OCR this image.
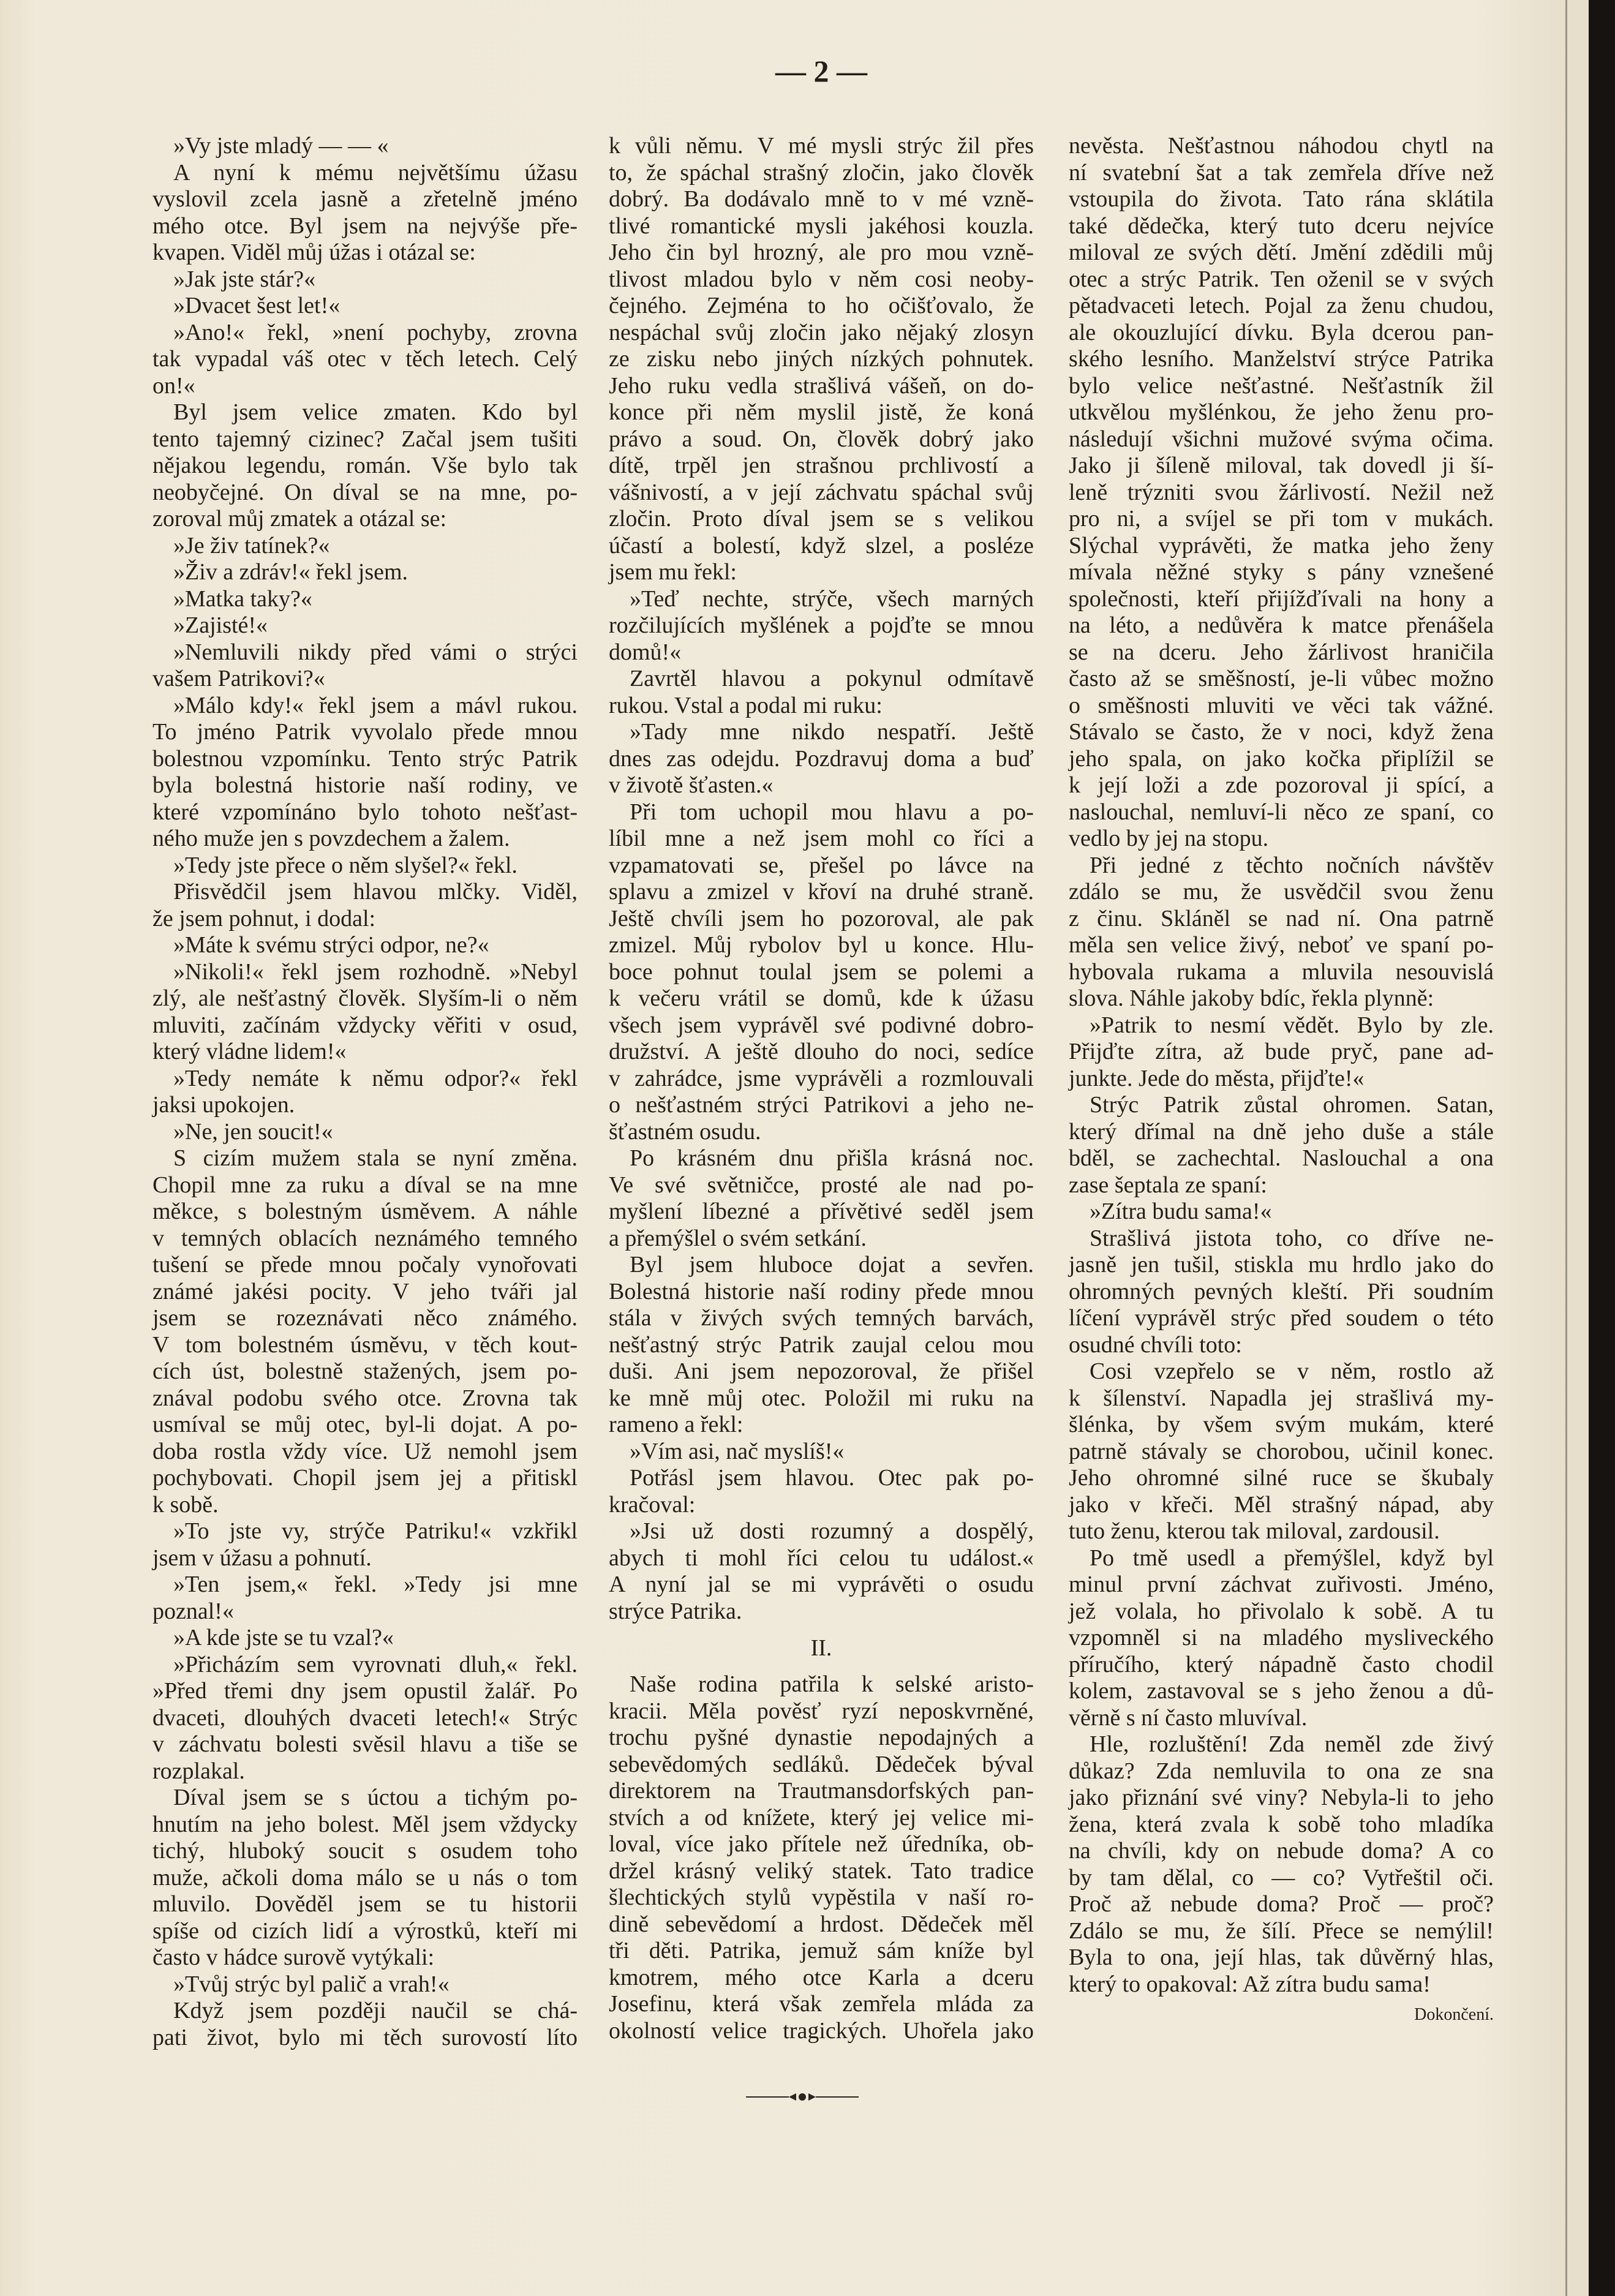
— 2 —
»Vy jste mladý — — «
A nyní k mému největšímu úžasu
vyslovil zcela jasně a zřetelně jméno
mého otce. Byl jsem na nejvýše pře-
kvapen. Viděl můj úžas i otázal se:
»Jak jste stár?«
»Dvacet šest let!«
»Ano!« řekl, »není pochyby, zrovna
tak vypadal váš otec v těch letech. Celý
on!«
Byl jsem velice zmaten. Kdo byl
tento tajemný cizinec? Začal jsem tušiti
nějakou legendu, román. Vše bylo tak
neobyčejné. On díval se na mne, po-
zoroval můj zmatek a otázal se:
»Je živ tatínek?«
»Živ a zdráv!« řekl jsem.
»Matka taky?«
»Zajisté!«
»Nemluvili nikdy před vámi o strýci
vašem Patrikovi?«
»Málo kdy!« řekl jsem a mávl rukou.
To jméno Patrik vyvolalo přede mnou
bolestnou vzpomínku. Tento strýc Patrik
byla bolestná historie naší rodiny, ve
které vzpomínáno bylo tohoto nešťast-
ného muže jen s povzdechem a žalem.
»Tedy jste přece o něm slyšel?« řekl.
Přisvědčil jsem hlavou mlčky. Viděl,
že jsem pohnut, i dodal:
»Máte k svému strýci odpor, ne?«
»Nikoli!« řekl jsem rozhodně. »Nebyl
zlý, ale nešťastný člověk. Slyším-li o něm
mluviti, začínám vždycky věřiti v osud,
který vládne lidem!«
»Tedy nemáte k němu odpor?« řekl
jaksi upokojen.
»Ne, jen soucit!«
S cizím mužem stala se nyní změna.
Chopil mne za ruku a díval se na mne
měkce, s bolestným úsměvem. A náhle
v temných oblacích neznámého temného
tušení se přede mnou počaly vynořovati
známé jakési pocity. V jeho tváři jal
jsem se rozeznávati něco známého.
V tom bolestném úsměvu, v těch kout-
cích úst, bolestně stažených, jsem po-
znával podobu svého otce. Zrovna tak
usmíval se můj otec, byl-li dojat. A po-
doba rostla vždy více. Už nemohl jsem
pochybovati. Chopil jsem jej a přitiskl
k sobě.
»To jste vy, strýče Patriku!« vzkřikl
jsem v úžasu a pohnutí.
»Ten jsem,« řekl. »Tedy jsi mne
poznal!«
»A kde jste se tu vzal?«
»Přicházím sem vyrovnati dluh,« řekl.
»Před třemi dny jsem opustil žalář. Po
dvaceti, dlouhých dvaceti letech!« Strýc
v záchvatu bolesti svěsil hlavu a tiše se
rozplakal.
Díval jsem se s úctou a tichým po-
hnutím na jeho bolest. Měl jsem vždycky
tichý, hluboký soucit s osudem toho
muže, ačkoli doma málo se u nás o tom
mluvilo. Dověděl jsem se tu historii
spíše od cizích lidí a výrostků, kteří mi
často v hádce surově vytýkali:
»Tvůj strýc byl palič a vrah!«
Když jsem později naučil se chá-
pati život, bylo mi těch surovostí líto
k vůli němu. V mé mysli strýc žil přes
to, že spáchal strašný zločin, jako člověk
dobrý. Ba dodávalo mně to v mé vzně-
tlivé romantické mysli jakéhosi kouzla.
Jeho čin byl hrozný, ale pro mou vzně-
tlivost mladou bylo v něm cosi neoby-
čejného. Zejména to ho očišťovalo, že
nespáchal svůj zločin jako nějaký zlosyn
ze zisku nebo jiných nízkých pohnutek.
Jeho ruku vedla strašlivá vášeň, on do-
konce při něm myslil jistě, že koná
právo a soud. On, člověk dobrý jako
dítě, trpěl jen strašnou prchlivostí a
vášnivostí, a v její záchvatu spáchal svůj
zločin. Proto díval jsem se s velikou
účastí a bolestí, když slzel, a posléze
jsem mu řekl:
»Teď nechte, strýče, všech marných
rozčilujících myšlének a pojďte se mnou
domů!«
Zavrtěl hlavou a pokynul odmítavě
rukou. Vstal a podal mi ruku:
»Tady mne nikdo nespatří. Ještě
dnes zas odejdu. Pozdravuj doma a buď
v životě šťasten.«
Při tom uchopil mou hlavu a po-
líbil mne a než jsem mohl co říci a
vzpamatovati se, přešel po lávce na
splavu a zmizel v křoví na druhé straně.
Ještě chvíli jsem ho pozoroval, ale pak
zmizel. Můj rybolov byl u konce. Hlu-
boce pohnut toulal jsem se polemi a
k večeru vrátil se domů, kde k úžasu
všech jsem vyprávěl své podivné dobro-
družství. A ještě dlouho do noci, sedíce
v zahrádce, jsme vyprávěli a rozmlouvali
o nešťastném strýci Patrikovi a jeho ne-
šťastném osudu.
Po krásném dnu přišla krásná noc.
Ve své světničce, prosté ale nad po-
myšlení líbezné a přívětivé seděl jsem
a přemýšlel o svém setkání.
Byl jsem hluboce dojat a sevřen.
Bolestná historie naší rodiny přede mnou
stála v živých svých temných barvách,
nešťastný strýc Patrik zaujal celou mou
duši. Ani jsem nepozoroval, že přišel
ke mně můj otec. Položil mi ruku na
rameno a řekl:
»Vím asi, nač myslíš!«
Potřásl jsem hlavou. Otec pak po-
kračoval:
»Jsi už dosti rozumný a dospělý,
abych ti mohl říci celou tu událost.«
A nyní jal se mi vyprávěti o osudu
strýce Patrika.
II.
Naše rodina patřila k selské aristo-
kracii. Měla pověsť ryzí neposkvrněné,
trochu pyšné dynastie nepodajných a
sebevědomých sedláků. Dědeček býval
direktorem na Trautmansdorfských pan-
stvích a od knížete, který jej velice mi-
loval, více jako přítele než úředníka, ob-
držel krásný veliký statek. Tato tradice
šlechtických stylů vypěstila v naší ro-
dině sebevědomí a hrdost. Dědeček měl
tři děti. Patrika, jemuž sám kníže byl
kmotrem, mého otce Karla a dceru
Josefinu, která však zemřela mláda za
okolností velice tragických. Uhořela jako
nevěsta. Nešťastnou náhodou chytl na
ní svatební šat a tak zemřela dříve než
vstoupila do života. Tato rána sklátila
také dědečka, který tuto dceru nejvíce
miloval ze svých dětí. Jmění zdědili můj
otec a strýc Patrik. Ten oženil se v svých
pětadvaceti letech. Pojal za ženu chudou,
ale okouzlující dívku. Byla dcerou pan-
ského lesního. Manželství strýce Patrika
bylo velice nešťastné. Nešťastník žil
utkvělou myšlénkou, že jeho ženu pro-
následují všichni mužové svýma očima.
Jako ji šíleně miloval, tak dovedl ji ší-
leně trýzniti svou žárlivostí. Nežil než
pro ni, a svíjel se při tom v mukách.
Slýchal vyprávěti, že matka jeho ženy
mívala něžné styky s pány vznešené
společnosti, kteří přijížďívali na hony a
na léto, a nedůvěra k matce přenášela
se na dceru. Jeho žárlivost hraničila
často až se směšností, je-li vůbec možno
o směšnosti mluviti ve věci tak vážné.
Stávalo se často, že v noci, když žena
jeho spala, on jako kočka připlížil se
k její loži a zde pozoroval ji spící, a
naslouchal, nemluví-li něco ze spaní, co
vedlo by jej na stopu.
Při jedné z těchto nočních návštěv
zdálo se mu, že usvědčil svou ženu
z činu. Skláněl se nad ní. Ona patrně
měla sen velice živý, neboť ve spaní po-
hybovala rukama a mluvila nesouvislá
slova. Náhle jakoby bdíc, řekla plynně:
»Patrik to nesmí vědět. Bylo by zle.
Přijďte zítra, až bude pryč, pane ad-
junkte. Jede do města, přijďte!«
Strýc Patrik zůstal ohromen. Satan,
který dřímal na dně jeho duše a stále
bděl, se zachechtal. Naslouchal a ona
zase šeptala ze spaní:
»Zítra budu sama!«
Strašlivá jistota toho, co dříve ne-
jasně jen tušil, stiskla mu hrdlo jako do
ohromných pevných kleští. Při soudním
líčení vyprávěl strýc před soudem o této
osudné chvíli toto:
Cosi vzepřelo se v něm, rostlo až
k šílenství. Napadla jej strašlivá my-
šlénka, by všem svým mukám, které
patrně stávaly se chorobou, učinil konec.
Jeho ohromné silné ruce se škubaly
jako v křeči. Měl strašný nápad, aby
tuto ženu, kterou tak miloval, zardousil.
Po tmě usedl a přemýšlel, když byl
minul první záchvat zuřivosti. Jméno,
jež volala, ho přivolalo k sobě. A tu
vzpomněl si na mladého mysliveckého
příručího, který nápadně často chodil
kolem, zastavoval se s jeho ženou a dů-
věrně s ní často mluvíval.
Hle, rozluštění! Zda neměl zde živý
důkaz? Zda nemluvila to ona ze sna
jako přiznání své viny? Nebyla-li to jeho
žena, která zvala k sobě toho mladíka
na chvíli, kdy on nebude doma? A co
by tam dělal, co — co? Vytřeštil oči.
Proč až nebude doma? Proč — proč?
Zdálo se mu, že šílí. Přece se nemýlil!
Byla to ona, její hlas, tak důvěrný hlas,
který to opakoval: Až zítra budu sama!
Dokončení.
